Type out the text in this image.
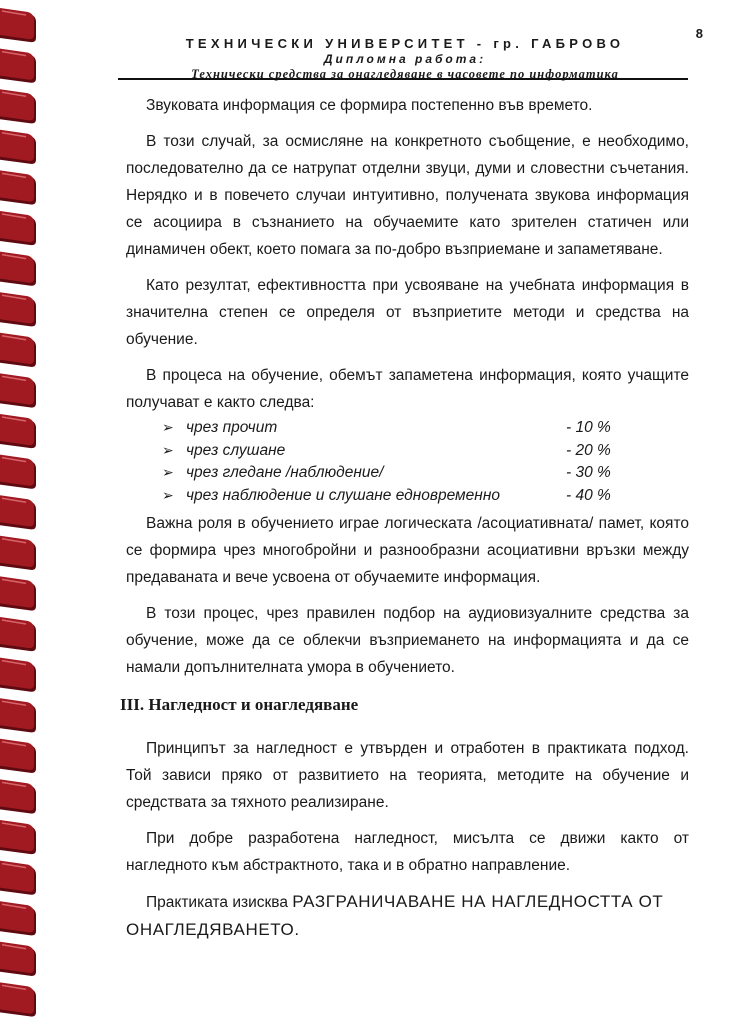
8
ТЕХНИЧЕСКИ УНИВЕРСИТЕТ - гр. ГАБРОВО
Дипломна работа:
Технически средства за онагледяване в часовете по информатика

Звуковата информация се формира постепенно във времето.

В този случай, за осмисляне на конкретното съобщение, е необходимо, последователно да се натрупат отделни звуци, думи и словестни съчетания. Нерядко и в повечето случаи интуитивно, получената звукова информация се асоциира в съзнанието на обучаемите като зрителен статичен или динамичен обект, което помага за по-добро възприемане и запаметяване.

Като резултат, ефективността при усвояване на учебната информация в значителна степен се определя от възприетите методи и средства на обучение.

В процеса на обучение, обемът запаметена информация, която учащите получават е както следва:

➢ чрез прочит	- 10 %
➢ чрез слушане	- 20 %
➢ чрез гледане /наблюдение/	- 30 %
➢ чрез наблюдение и слушане едновременно	- 40 %

Важна роля в обучението играе логическата /асоциативната/ памет, която се формира чрез многобройни и разнообразни асоциативни връзки между предаваната и вече усвоена от обучаемите информация.

В този процес, чрез правилен подбор на аудиовизуалните средства за обучение, може да се облекчи възприемането на информацията и да се намали допълнителната умора в обучението.

III. Нагледност и онагледяване

Принципът за нагледност е утвърден и отработен в практиката подход. Той зависи пряко от развитието на теорията, методите на обучение и средствата за тяхното реализиране.

При добре разработена нагледност, мисълта се движи както от нагледното към абстрактното, така и в обратно направление.

Практиката изисква РАЗГРАНИЧАВАНЕ НА НАГЛЕДНОСТТА ОТ ОНАГЛЕДЯВАНЕТО.
